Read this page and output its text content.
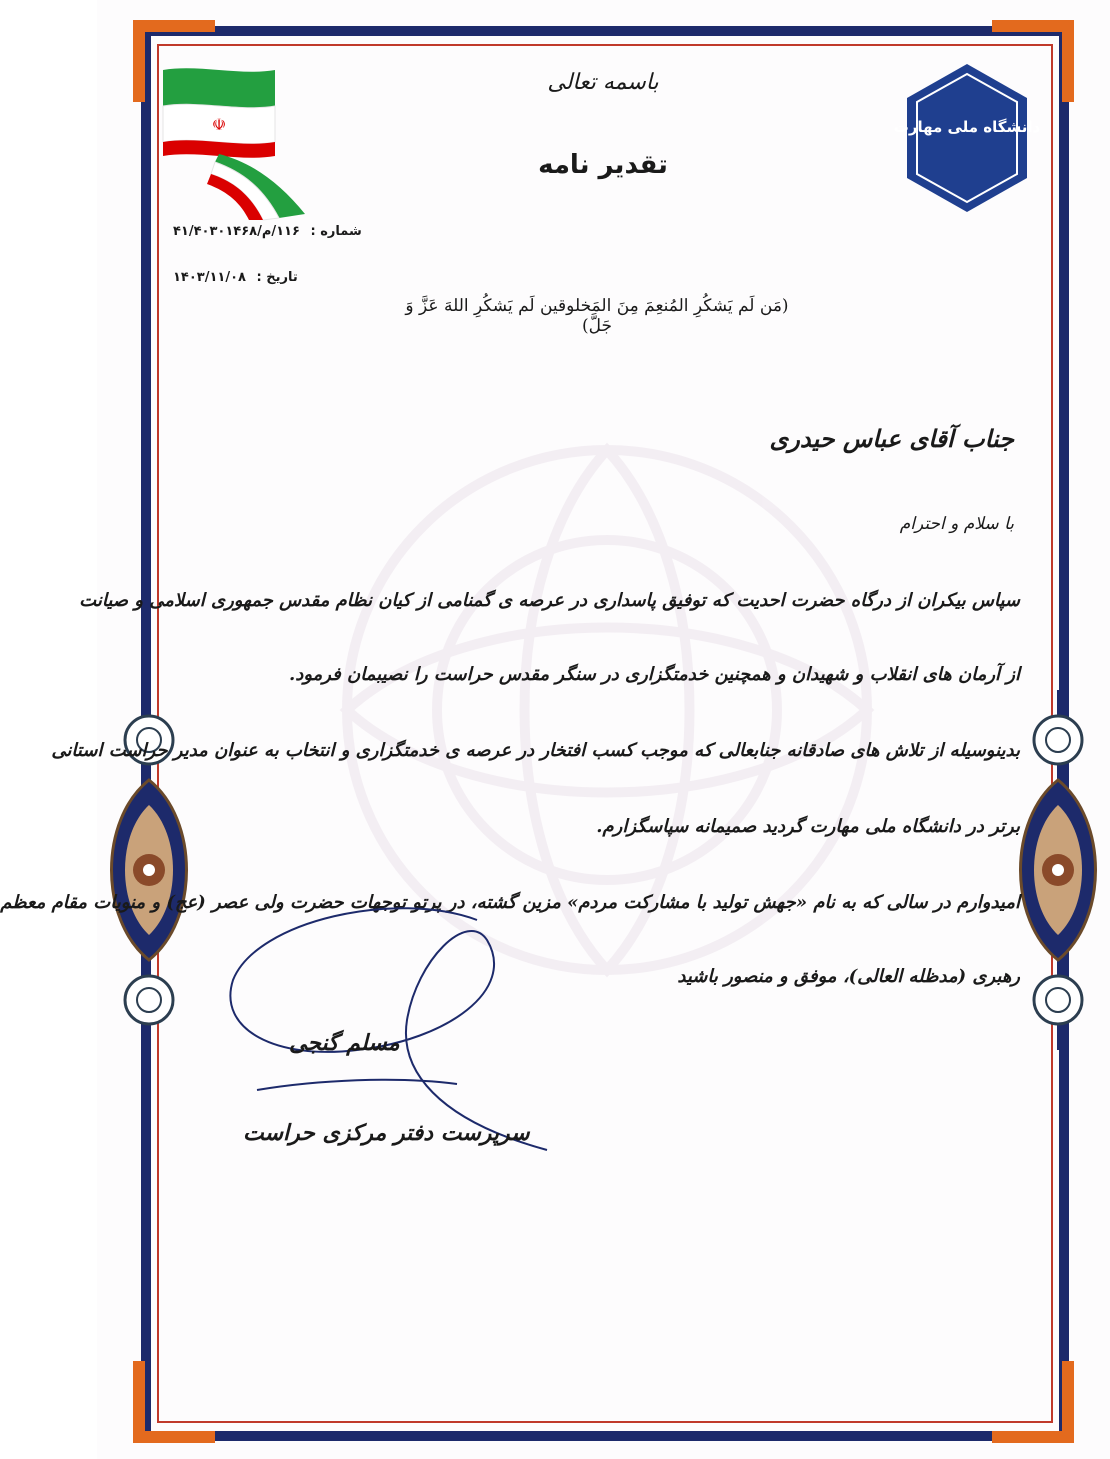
☫	دانشگاه ملی مهارت
باسمه تعالی
تقدیر نامه
شماره : ۱۱۶/م/۴۱/۴۰۳۰۱۴۶۸
تاریخ : ۱۴۰۳/۱۱/۰۸
(مَن لَم یَشکُرِ المُنعِمَ مِنَ المَخلوقین لَم یَشکُرِ اللهَ عَزَّ وَ جَلَّ)
جناب آقای عباس حیدری
با سلام و احترام
سپاس بیکران از درگاه حضرت احدیت که توفیق پاسداری در عرصه ی گمنامی از کیان نظام مقدس جمهوری اسلامی و صیانت
از آرمان های انقلاب و شهیدان و همچنین خدمتگزاری در سنگر مقدس حراست را نصیبمان فرمود.
بدینوسیله از تلاش های صادقانه جنابعالی که موجب کسب افتخار در عرصه ی خدمتگزاری و انتخاب به عنوان مدیر حراست استانی
برتر در دانشگاه ملی مهارت گردید صمیمانه سپاسگزارم.
امیدوارم در سالی که به نام «جهش تولید با مشارکت مردم» مزین گشته، در پرتو توجهات حضرت ولی عصر (عج) و منویات مقام معظم
رهبری (مدظله العالی)، موفق و منصور باشید
مسلم گنجی
سرپرست دفتر مرکزی حراست
